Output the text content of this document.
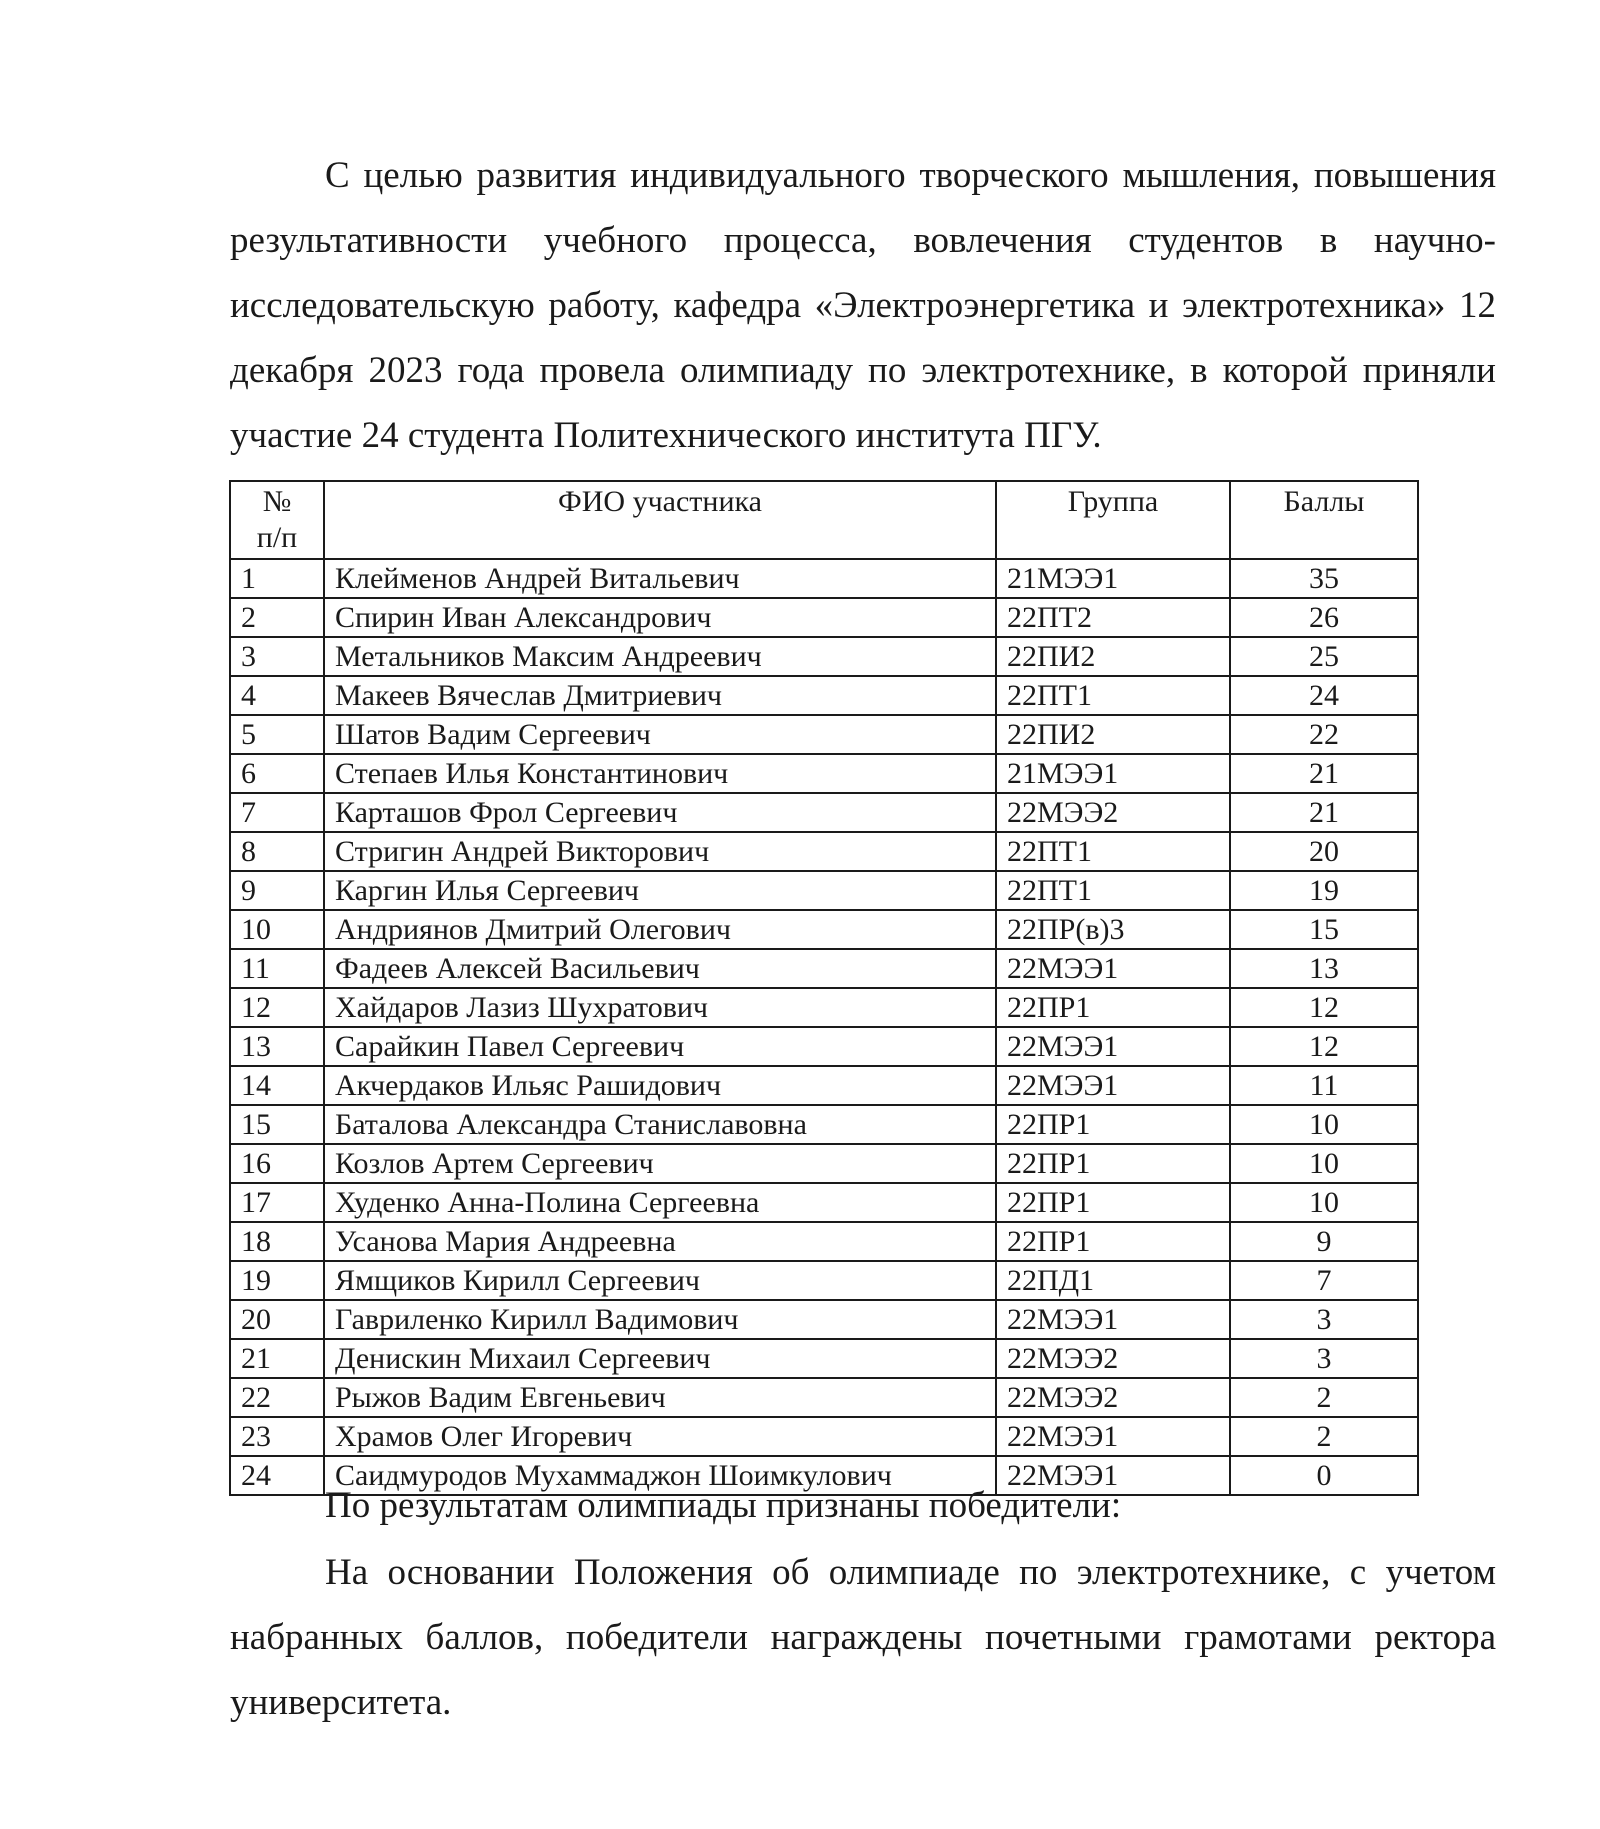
С целью развития индивидуального творческого мышления, повышения результативности учебного процесса, вовлечения студентов в научно-исследовательскую работу, кафедра «Электроэнергетика и электротехника» 12 декабря 2023 года провела олимпиаду по электротехнике, в которой приняли участие 24 студента Политехнического института ПГУ.

№
п/п	ФИО участника	Группа	Баллы
1	Клейменов Андрей Витальевич	21МЭЭ1	35
2	Спирин Иван Александрович	22ПТ2	26
3	Метальников Максим Андреевич	22ПИ2	25
4	Макеев Вячеслав Дмитриевич	22ПТ1	24
5	Шатов Вадим Сергеевич	22ПИ2	22
6	Степаев Илья Константинович	21МЭЭ1	21
7	Карташов Фрол Сергеевич	22МЭЭ2	21
8	Стригин Андрей Викторович	22ПТ1	20
9	Каргин Илья Сергеевич	22ПТ1	19
10	Андриянов Дмитрий Олегович	22ПР(в)3	15
11	Фадеев Алексей Васильевич	22МЭЭ1	13
12	Хайдаров Лазиз Шухратович	22ПР1	12
13	Сарайкин Павел Сергеевич	22МЭЭ1	12
14	Акчердаков Ильяс Рашидович	22МЭЭ1	11
15	Баталова Александра Станиславовна	22ПР1	10
16	Козлов Артем Сергеевич	22ПР1	10
17	Худенко Анна-Полина Сергеевна	22ПР1	10
18	Усанова Мария Андреевна	22ПР1	9
19	Ямщиков Кирилл Сергеевич	22ПД1	7
20	Гавриленко Кирилл Вадимович	22МЭЭ1	3
21	Денискин Михаил Сергеевич	22МЭЭ2	3
22	Рыжов Вадим Евгеньевич	22МЭЭ2	2
23	Храмов Олег Игоревич	22МЭЭ1	2
24	Саидмуродов Мухаммаджон Шоимкулович	22МЭЭ1	0

По результатам олимпиады признаны победители:

На основании Положения об олимпиаде по электротехнике, с учетом набранных баллов, победители награждены почетными грамотами ректора университета.
